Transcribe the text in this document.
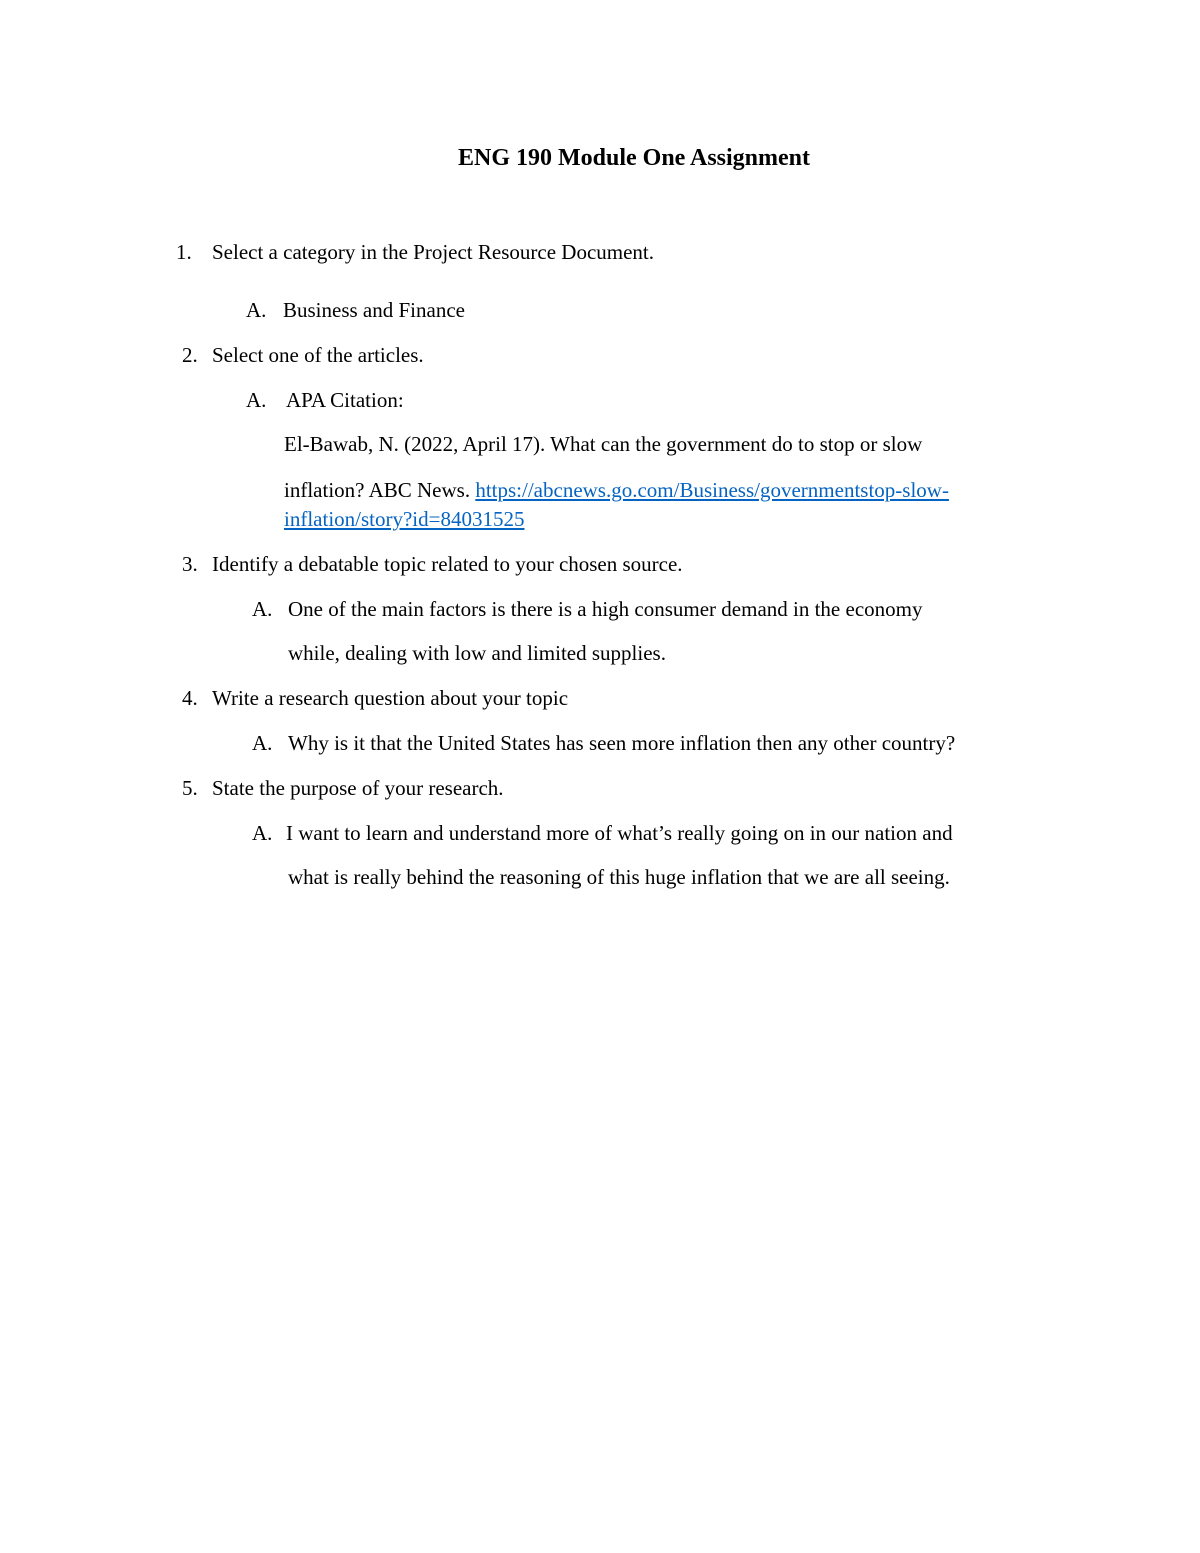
ENG 190 Module One Assignment
1. Select a category in the Project Resource Document.
A. Business and Finance
2. Select one of the articles.
A. APA Citation:
El-Bawab, N. (2022, April 17). What can the government do to stop or slow
inflation? ABC News. https://abcnews.go.com/Business/governmentstop-slow-
inflation/story?id=84031525
3. Identify a debatable topic related to your chosen source.
A. One of the main factors is there is a high consumer demand in the economy
while, dealing with low and limited supplies.
4. Write a research question about your topic
A. Why is it that the United States has seen more inflation then any other country?
5. State the purpose of your research.
A. I want to learn and understand more of what’s really going on in our nation and
what is really behind the reasoning of this huge inflation that we are all seeing.
